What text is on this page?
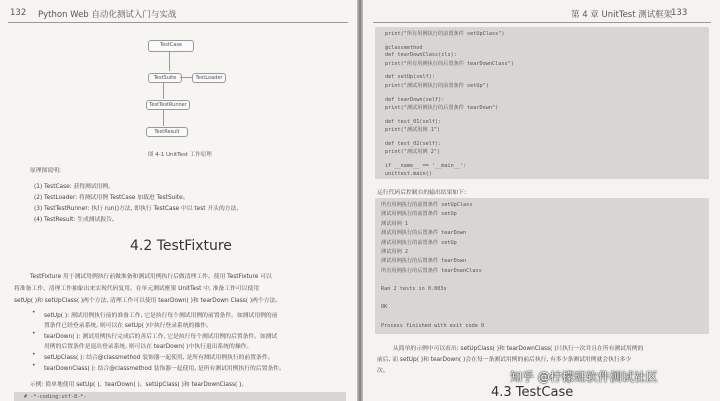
132 Python Web 自动化测试入门与实战
TestCase
TestSuite	TestLoader
TestTestRunner
TestResult
图 4-1 UnitTest 工作原理
原理图说明:
(1) TestCase: 获得测试用例。
(2) TestLoader: 将测试用例 TestCase 加载进 TestSuite。
(3) TestTestRunner: 执行 run()方法, 即执行 TestCase 中以 test 开头的方法。
(4) TestResult: 生成测试报告。
4.2 TestFixture
TestFixture 用于测试用例执行前做准备和测试用例执行后做清理工作。使用 TestFixture 可以
将准备工作、清理工作抽象出来实现代码复用。在单元测试框架 UnitTest 中, 准备工作可以使用
setUp( )和 setUpClass( )两个方法, 清理工作可以使用 tearDown( )和 tearDown Class( )两个方法。
• setUp( ): 测试用例执行前的准备工作, 它是执行每个测试用例的前置条件。如测试用例的前
置条件已经登录系统, 则可以在 setUp( )中执行登录系统的操作。
• tearDown( ): 测试用例执行完成后的善后工作, 它是执行每个测试用例的后置条件。如测试
用例的后置条件是退出登录系统, 则可以在 tearDown( )中执行退出系统的操作。
• setUpClass( ): 结合@classmethod 装饰器一起使用, 是所有测试用例执行的前置条件。
• tearDownClass( ): 结合@classmethod 装饰器一起使用, 是所有测试用例执行的后置条件。
示例: 简单地使用 setUp( )、tearDown( )、setUpClass( )和 tearDownClass( )。
# -*-coding:utf-8-*-
第 4 章 UnitTest 测试框架
133
print("所有用例执行的前置条件 setUpClass")
@classmethod
def tearDownClass(cls):
print("所有用例执行的后置条件 tearDownClass")
def setUp(self):
print("测试用例执行的前置条件 setUp")
def tearDown(self):
print("测试用例执行的后置条件 tearDown")
def test_01(self):
print("测试用例 1")
def test_02(self):
print("测试用例 2")
if __name__ == '__main__':
unittest.main()
运行代码后控制台的输出结果如下:
所有用例执行的前置条件 setUpClass
测试用例执行的前置条件 setUp
测试用例 1
测试用例执行的后置条件 tearDown
测试用例执行的前置条件 setUp
测试用例 2
测试用例执行的后置条件 tearDown
所有用例执行的后置条件 tearDownClass
Ran 2 tests in 0.003s
OK
Process finished with exit code 0
从简单的示例中可以看出: setUpClass( )和 tearDownClass( )只执行一次并且在所有测试用例的
前后, 而 setUp( )和 tearDown( )会在每一条测试用例的前后执行, 有多少条测试用例就会执行多少
次。
4.3 TestCase
知乎 @柠檬班软件测试社区
